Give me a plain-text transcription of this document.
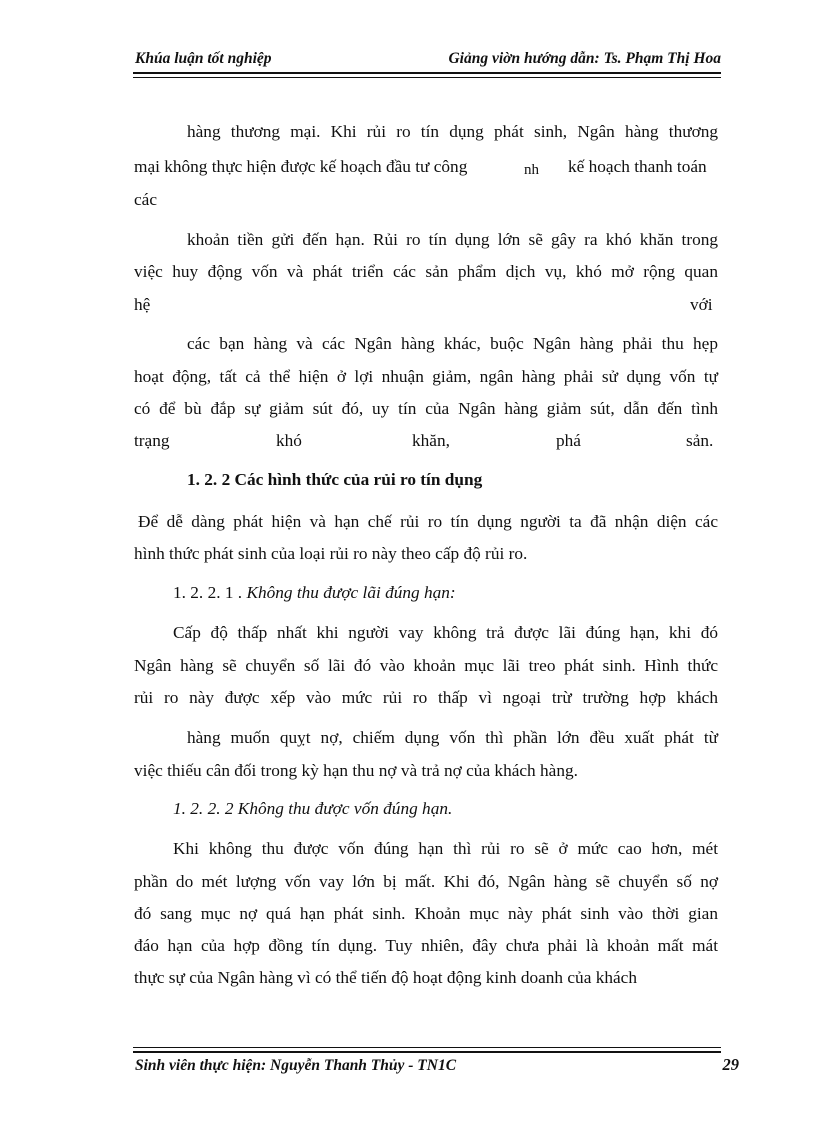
Khúa luận tốt nghiệp	Giảng viờn hướng dẫn: Ts. Phạm Thị Hoa
hàng thương mại. Khi rủi ro tín dụng phát sinh, Ngân hàng thương
mại không thực hiện được kế hoạch đầu tư công	nh kế hoạch thanh toán
các
khoản tiền gửi đến hạn. Rủi ro tín dụng lớn sẽ gây ra khó khăn trong
việc huy động vốn và phát triển các sản phẩm dịch vụ, khó mở rộng quan
hệ	với
các bạn hàng và các Ngân hàng khác, buộc Ngân hàng phải thu hẹp
hoạt động, tất cả thể hiện ở lợi nhuận giảm, ngân hàng phải sử dụng vốn tự
có để bù đắp sự giảm sút đó, uy tín của Ngân hàng giảm sút, dẫn đến tình
trạng	khó	khăn,	phá	sản.
1. 2. 2 Các hình thức của rủi ro tín dụng
Để dễ dàng phát hiện và hạn chế rủi ro tín dụng người ta đã nhận diện các
hình thức phát sinh của loại rủi ro này theo cấp độ rủi ro.
1. 2. 2. 1 . Không thu được lãi đúng hạn:
Cấp độ thấp nhất khi người vay không trả được lãi đúng hạn, khi đó
Ngân hàng sẽ chuyển số lãi đó vào khoản mục lãi treo phát sinh. Hình thức
rủi ro này được xếp vào mức rủi ro thấp vì ngoại trừ trường hợp khách
hàng muốn quỵt nợ, chiếm dụng vốn thì phần lớn đều xuất phát từ
việc thiếu cân đối trong kỳ hạn thu nợ và trả nợ của khách hàng.
1. 2. 2. 2 Không thu được vốn đúng hạn.
Khi không thu được vốn đúng hạn thì rủi ro sẽ ở mức cao hơn, mét
phần do mét lượng vốn vay lớn bị mất. Khi đó, Ngân hàng sẽ chuyển số nợ
đó sang mục nợ quá hạn phát sinh. Khoản mục này phát sinh vào thời gian
đáo hạn của hợp đồng tín dụng. Tuy nhiên, đây chưa phải là khoản mất mát
thực sự của Ngân hàng vì có thể tiến độ hoạt động kinh doanh của khách
Sinh viên thực hiện: Nguyễn Thanh Thủy - TN1C	29
